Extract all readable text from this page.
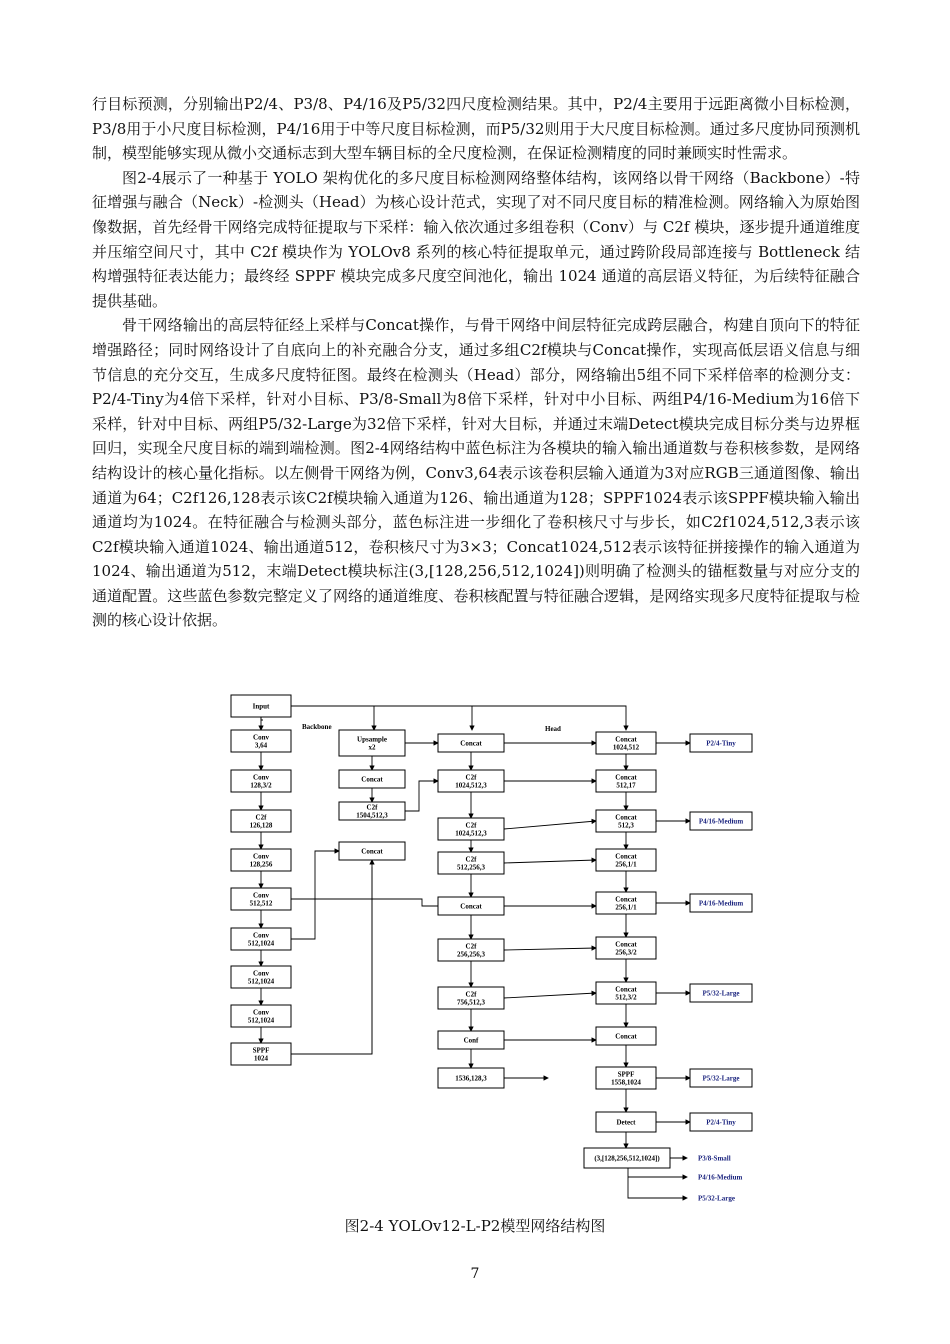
行目标预测，分别输出P2/4、P3/8、P4/16及P5/32四尺度检测结果。其中，P2/4主要用于远距离微小目标检测，P3/8用于小尺度目标检测，P4/16用于中等尺度目标检测，而P5/32则用于大尺度目标检测。通过多尺度协同预测机制，模型能够实现从微小交通标志到大型车辆目标的全尺度检测，在保证检测精度的同时兼顾实时性需求。

图2-4展示了一种基于 YOLO 架构优化的多尺度目标检测网络整体结构，该网络以骨干网络（Backbone）-特征增强与融合（Neck）-检测头（Head）为核心设计范式，实现了对不同尺度目标的精准检测。网络输入为原始图像数据，首先经骨干网络完成特征提取与下采样：输入依次通过多组卷积（Conv）与 C2f 模块，逐步提升通道维度并压缩空间尺寸，其中 C2f 模块作为 YOLOv8 系列的核心特征提取单元，通过跨阶段局部连接与 Bottleneck 结构增强特征表达能力；最终经 SPPF 模块完成多尺度空间池化，输出 1024 通道的高层语义特征，为后续特征融合提供基础。

骨干网络输出的高层特征经上采样与Concat操作，与骨干网络中间层特征完成跨层融合，构建自顶向下的特征增强路径；同时网络设计了自底向上的补充融合分支，通过多组C2f模块与Concat操作，实现高低层语义信息与细节信息的充分交互，生成多尺度特征图。最终在检测头（Head）部分，网络输出5组不同下采样倍率的检测分支：P2/4-Tiny为4倍下采样，针对小目标、P3/8-Small为8倍下采样，针对中小目标、两组P4/16-Medium为16倍下采样，针对中目标、两组P5/32-Large为32倍下采样，针对大目标，并通过末端Detect模块完成目标分类与边界框回归，实现全尺度目标的端到端检测。图2-4网络结构中蓝色标注为各模块的输入输出通道数与卷积核参数，是网络结构设计的核心量化指标。以左侧骨干网络为例，Conv3,64表示该卷积层输入通道为3对应RGB三通道图像、输出通道为64；C2f126,128表示该C2f模块输入通道为126、输出通道为128；SPPF1024表示该SPPF模块输入输出通道均为1024。在特征融合与检测头部分，蓝色标注进一步细化了卷积核尺寸与步长，如C2f1024,512,3表示该C2f模块输入通道1024、输出通道512，卷积核尺寸为3×3；Concat1024,512表示该特征拼接操作的输入通道为1024、输出通道为512，末端Detect模块标注(3,[128,256,512,1024])则明确了检测头的锚框数量与对应分支的通道配置。这些蓝色参数完整定义了网络的通道维度、卷积核配置与特征融合逻辑，是网络实现多尺度特征提取与检测的核心设计依据。

Input
Conv
3,64
Conv
128,3/2
C2f
126,128
Conv
128,256
Conv
512,512
Conv
512,1024
Conv
512,1024
Conv
512,1024
SPPF
1024
Upsample
x2
Concat
C2f
1504,512,3
Concat
Concat
C2f
1024,512,3
C2f
1024,512,3
C2f
512,256,3
Concat
C2f
256,256,3
C2f
756,512,3
Conf
1536,128,3
Concat
1024,512
Concat
512,17
Concat
512,3
Concat
256,1/1
Concat
256,1/1
Concat
256,3/2
Concat
512,3/2
Concat
SPPF
1558,1024
Detect
(3,[128,256,512,1024])
P2/4-Tiny
P4/16-Medium
P4/16-Medium
P5/32-Large
P5/32-Large
P2/4-Tiny
P3/8-Small
P4/16-Medium
P5/32-Large
Backbone	Head
图2-4 YOLOv12-L-P2模型网络结构图
7
